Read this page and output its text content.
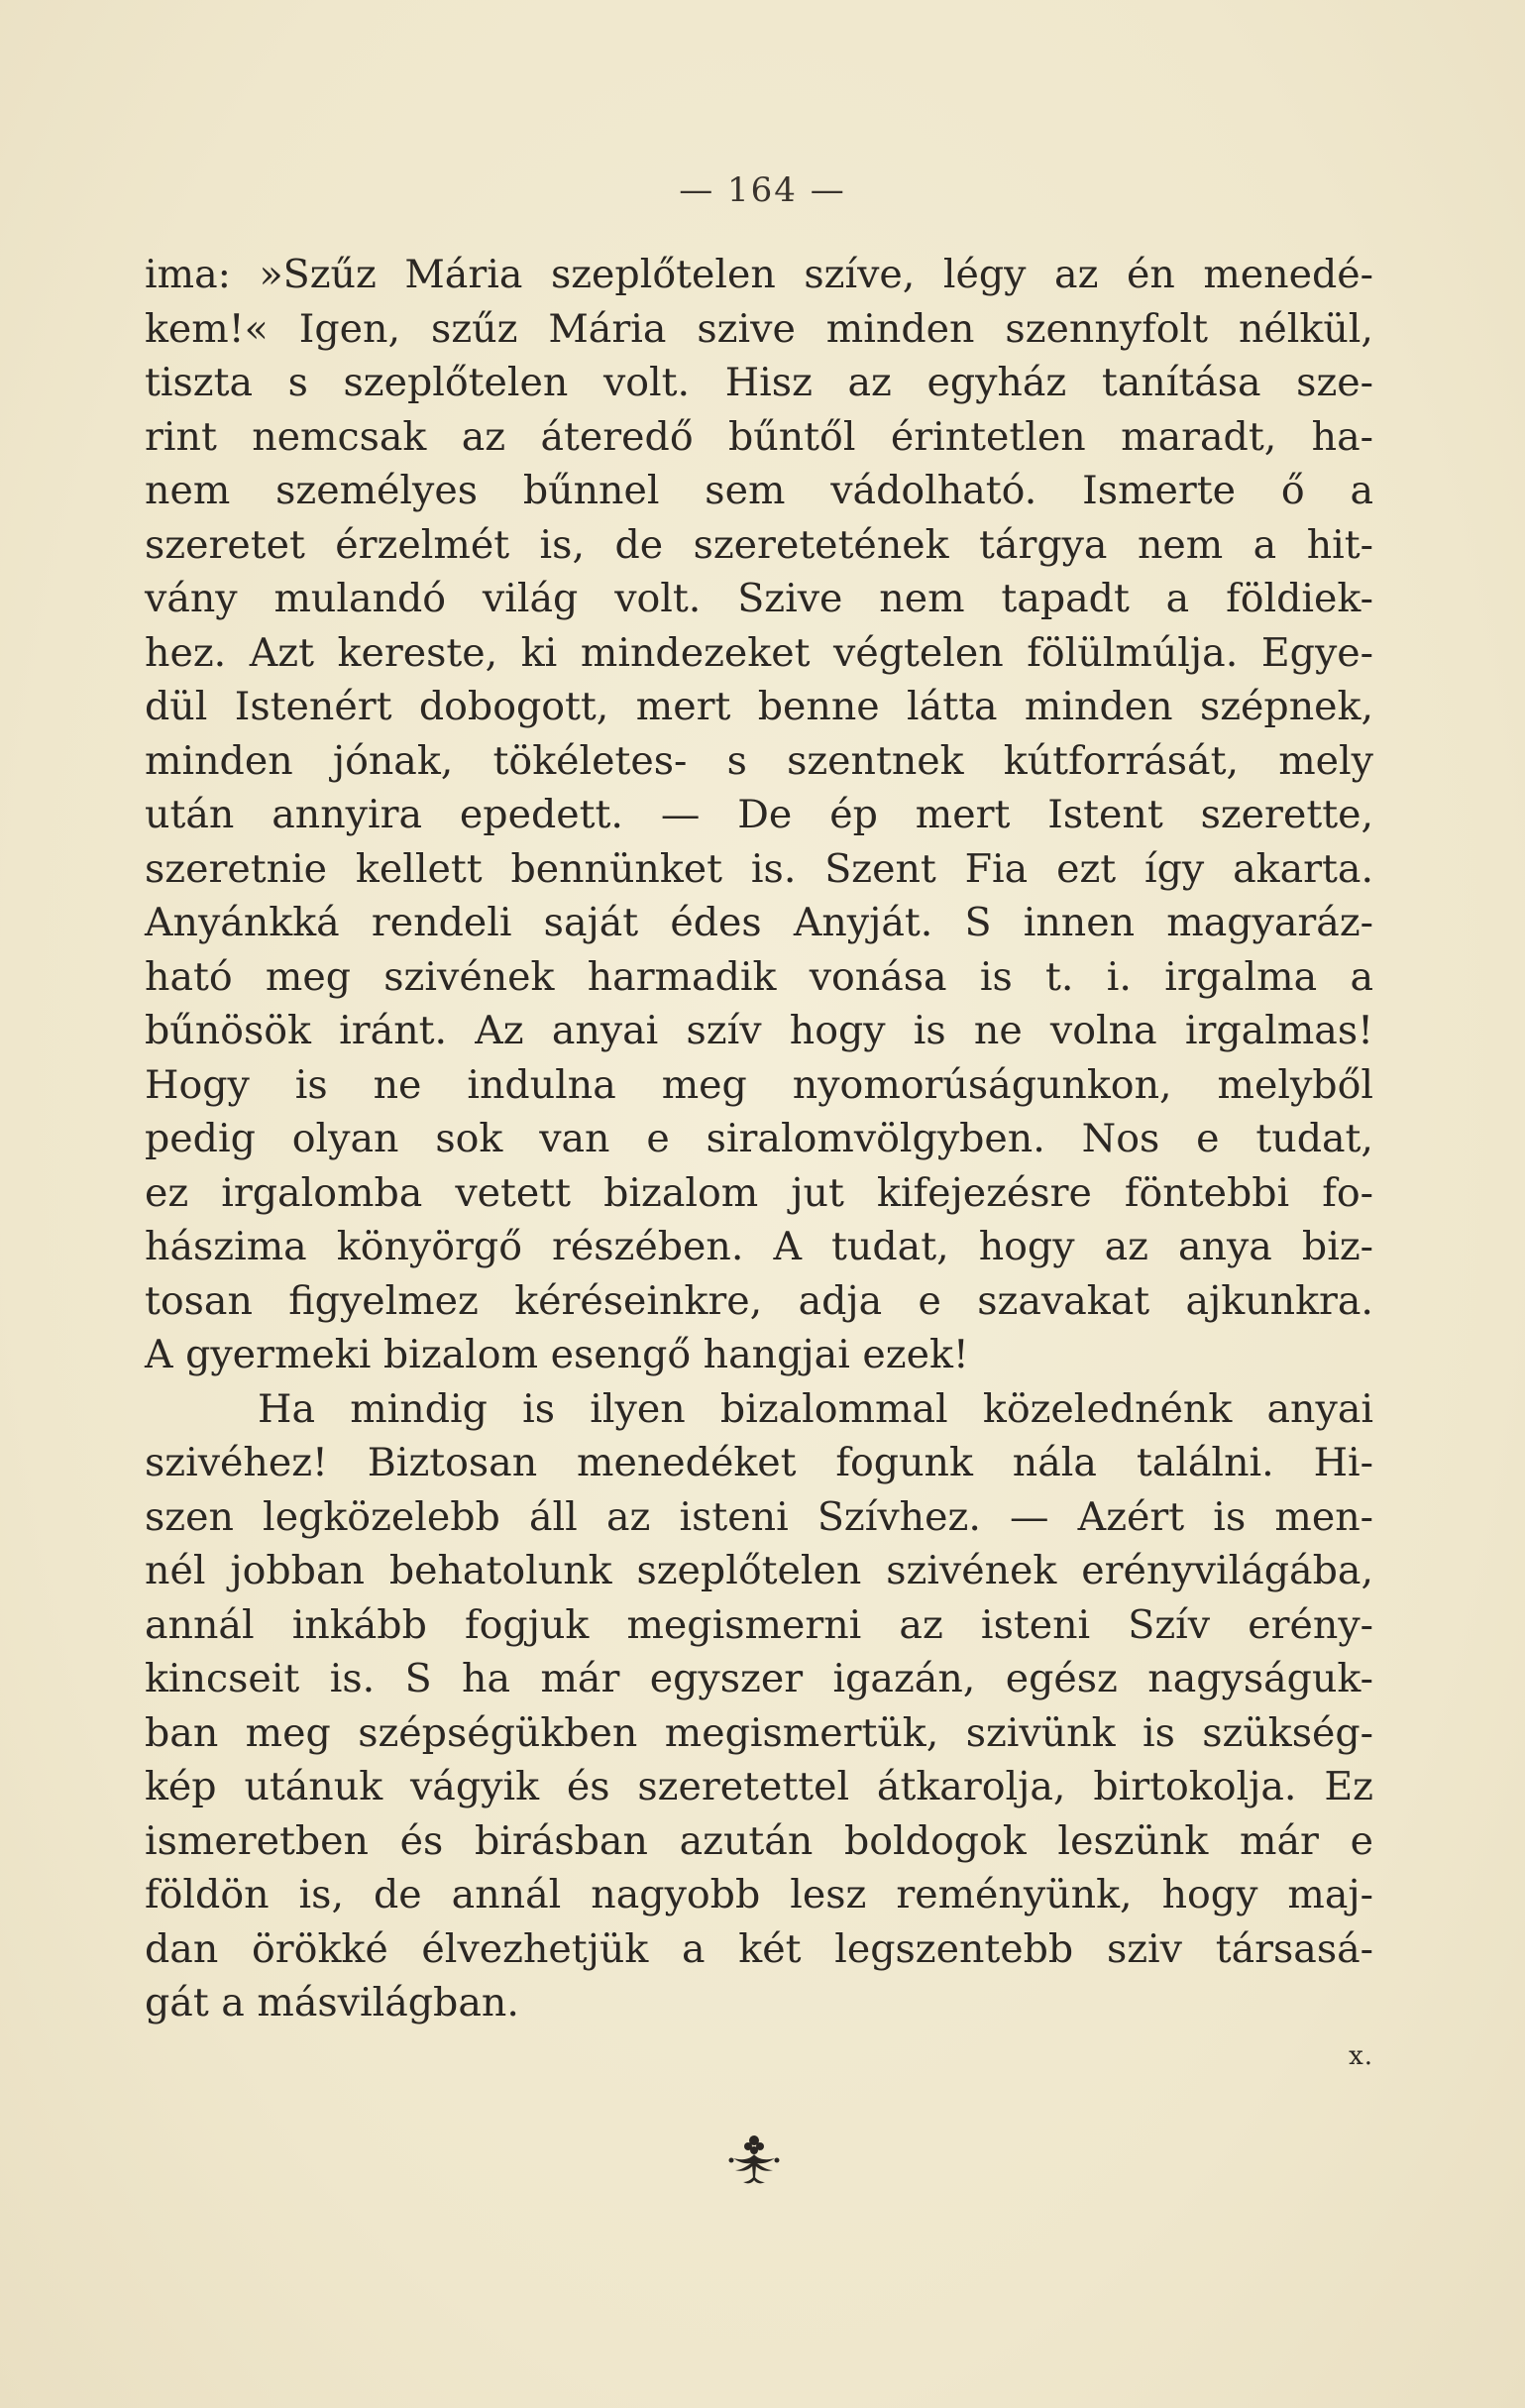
— 164 —
ima: »Szűz Mária szeplőtelen szíve, légy az én menedé-
kem!« Igen, szűz Mária szive minden szennyfolt nélkül,
tiszta s szeplőtelen volt. Hisz az egyház tanítása sze-
rint nemcsak az áteredő bűntől érintetlen maradt, ha-
nem személyes bűnnel sem vádolható. Ismerte ő a
szeretet érzelmét is, de szeretetének tárgya nem a hit-
vány mulandó világ volt. Szive nem tapadt a földiek-
hez. Azt kereste, ki mindezeket végtelen fölülmúlja. Egye-
dül Istenért dobogott, mert benne látta minden szépnek,
minden jónak, tökéletes- s szentnek kútforrását, mely
után annyira epedett. — De ép mert Istent szerette,
szeretnie kellett bennünket is. Szent Fia ezt így akarta.
Anyánkká rendeli saját édes Anyját. S innen magyaráz-
ható meg szivének harmadik vonása is t. i. irgalma a
bűnösök iránt. Az anyai szív hogy is ne volna irgalmas!
Hogy is ne indulna meg nyomorúságunkon, melyből
pedig olyan sok van e siralomvölgyben. Nos e tudat,
ez irgalomba vetett bizalom jut kifejezésre föntebbi fo-
hászima könyörgő részében. A tudat, hogy az anya biz-
tosan figyelmez kéréseinkre, adja e szavakat ajkunkra.
A gyermeki bizalom esengő hangjai ezek!
Ha mindig is ilyen bizalommal közelednénk anyai
szivéhez! Biztosan menedéket fogunk nála találni. Hi-
szen legközelebb áll az isteni Szívhez. — Azért is men-
nél jobban behatolunk szeplőtelen szivének erényvilágába,
annál inkább fogjuk megismerni az isteni Szív erény-
kincseit is. S ha már egyszer igazán, egész nagyságuk-
ban meg szépségükben megismertük, szivünk is szükség-
kép utánuk vágyik és szeretettel átkarolja, birtokolja. Ez
ismeretben és birásban azután boldogok leszünk már e
földön is, de annál nagyobb lesz reményünk, hogy maj-
dan örökké élvezhetjük a két legszentebb sziv társasá-
gát a másvilágban.
x.
